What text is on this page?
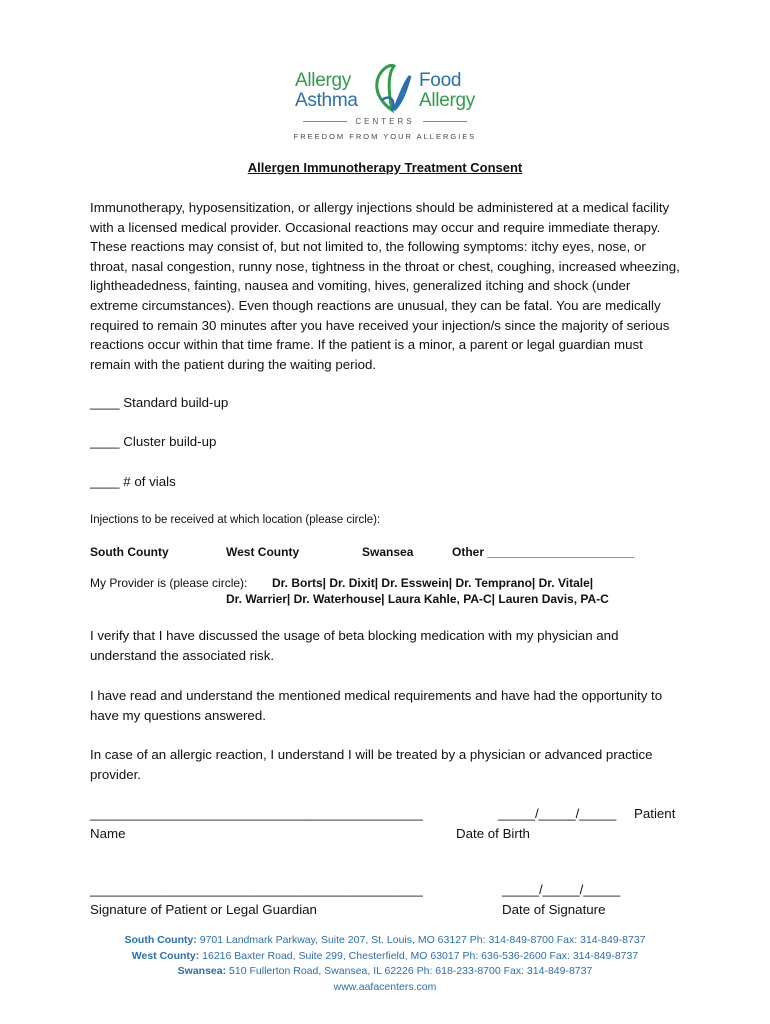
Allergy
Asthma
Food
Allergy
CENTERS
FREEDOM FROM YOUR ALLERGIES
Allergen Immunotherapy Treatment Consent
Immunotherapy, hyposensitization, or allergy injections should be administered at a medical facility with a licensed medical provider. Occasional reactions may occur and require immediate therapy. These reactions may consist of, but not limited to, the following symptoms: itchy eyes, nose, or throat, nasal congestion, runny nose, tightness in the throat or chest, coughing, increased wheezing, lightheadedness, fainting, nausea and vomiting, hives, generalized itching and shock (under extreme circumstances). Even though reactions are unusual, they can be fatal. You are medically required to remain 30 minutes after you have received your injection/s since the majority of serious reactions occur within that time frame. If the patient is a minor, a parent or legal guardian must remain with the patient during the waiting period.
____ Standard build-up
____ Cluster build-up
____ # of vials
Injections to be received at which location (please circle):
South County	West County	Swansea	Other ______________________
My Provider is (please circle): Dr. Borts| Dr. Dixit| Dr. Esswein| Dr. Temprano| Dr. Vitale|
Dr. Warrier| Dr. Waterhouse| Laura Kahle, PA-C| Lauren Davis, PA-C
I verify that I have discussed the usage of beta blocking medication with my physician and understand the associated risk.
I have read and understand the mentioned medical requirements and have had the opportunity to have my questions answered.
In case of an allergic reaction, I understand I will be treated by a physician or advanced practice provider.
_____________________________________________	_____/_____/_____ Patient
Name	Date of Birth
_____________________________________________	_____/_____/_____
Signature of Patient or Legal Guardian	Date of Signature
South County: 9701 Landmark Parkway, Suite 207, St. Louis, MO 63127 Ph: 314-849-8700 Fax: 314-849-8737
West County: 16216 Baxter Road, Suite 299, Chesterfield, MO 63017 Ph: 636-536-2600 Fax: 314-849-8737
Swansea: 510 Fullerton Road, Swansea, IL 62226 Ph: 618-233-8700 Fax: 314-849-8737
www.aafacenters.com
